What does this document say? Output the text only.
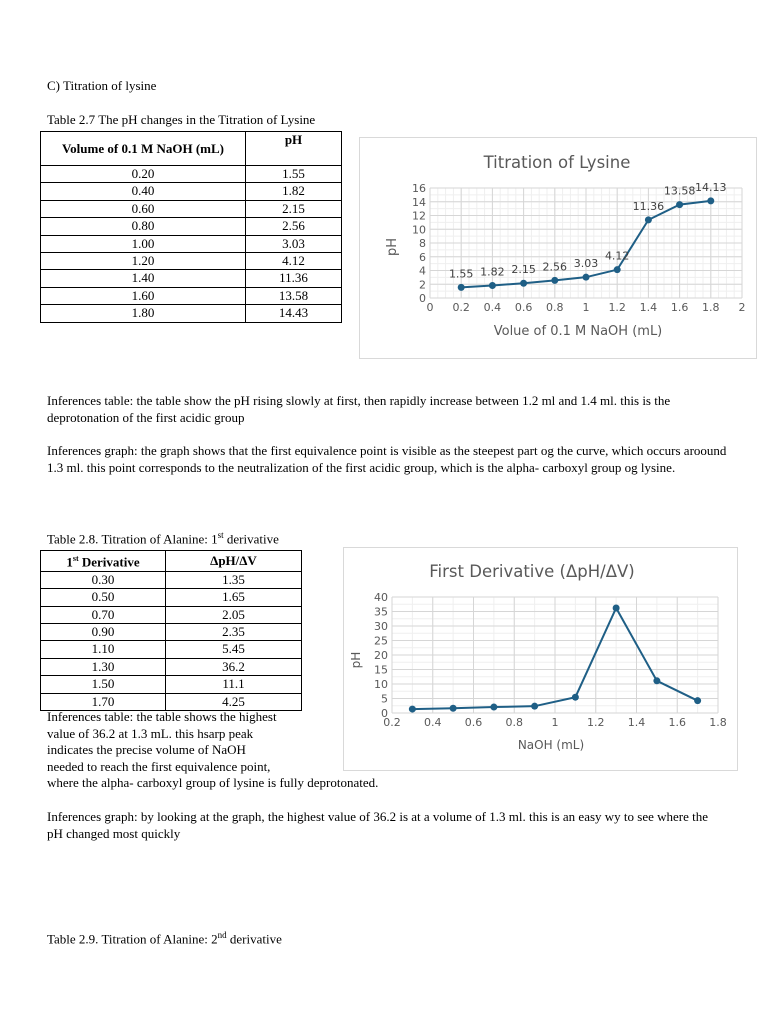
C) Titration of lysine
Table 2.7 The pH changes in the Titration of Lysine
Volume of 0.1 M NaOH (mL)	pH
0.20	1.55
0.40	1.82
0.60	2.15
0.80	2.56
1.00	3.03
1.20	4.12
1.40	11.36
1.60	13.58
1.80	14.43	0 0.2 0.4 0.6 0.8 1 1.2 1.4 1.6 1.8 2
0
2
4
6
8
10
12
14
16
Titration of Lysine
Volue of 0.1 M NaOH (mL)
pH
1.55 1.82 2.15 2.56 3.03
4.12
11.36
13.58 14.13
Inferences table: the table show the pH rising slowly at first, then rapidly increase between 1.2 ml and 1.4 ml. this is the deprotonation of the first acidic group
Inferences graph: the graph shows that the first equivalence point is visible as the steepest part og the curve, which occurs aroound 1.3 ml. this point corresponds to the neutralization of the first acidic group, which is the alpha- carboxyl group og lysine.
Table 2.8. Titration of Alanine: 1st derivative
1st Derivative	ΔpH/ΔV
0.30	1.35
0.50	1.65
0.70	2.05
0.90	2.35
1.10	5.45
1.30	36.2
1.50	11.1
1.70	4.25
0.2 0.4 0.6 0.8	1	1.2 1.4 1.6 1.8
0
5
10
15
20
25
30
35
40
First Derivative (ΔpH/ΔV)
NaOH (mL)
pH
Inferences table: the table shows the highest
value of 36.2 at 1.3 mL. this hsarp peak
indicates the precise volume of NaOH
needed to reach the first equivalence point,
where the alpha- carboxyl group of lysine is fully deprotonated.
Inferences graph: by looking at the graph, the highest value of 36.2 is at a volume of 1.3 ml. this is an easy wy to see where the pH changed most quickly
Table 2.9. Titration of Alanine: 2nd derivative
